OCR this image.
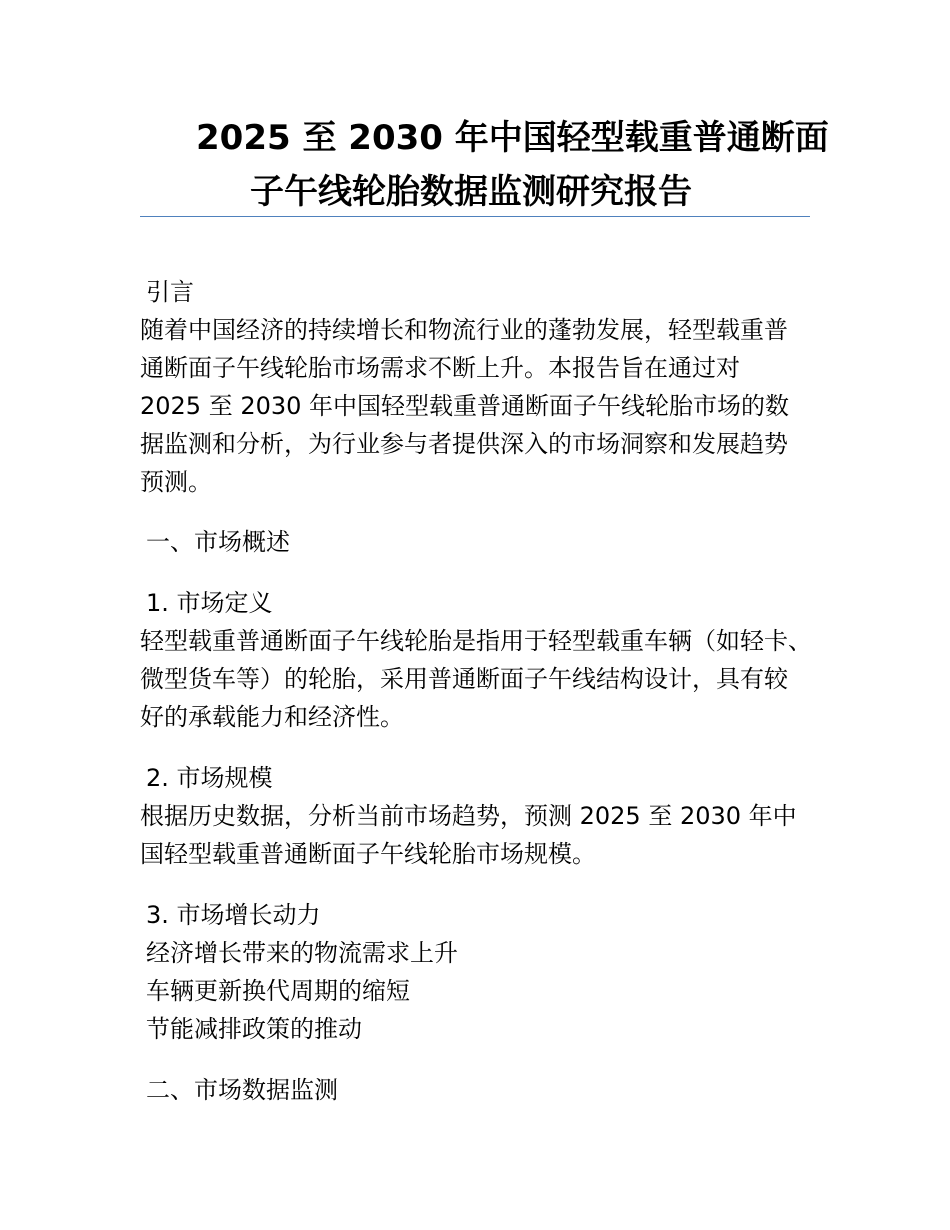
2025 至 2030 年中国轻型载重普通断面
子午线轮胎数据监测研究报告
引言
随着中国经济的持续增长和物流行业的蓬勃发展，轻型载重普
通断面子午线轮胎市场需求不断上升。本报告旨在通过对
2025 至 2030 年中国轻型载重普通断面子午线轮胎市场的数
据监测和分析，为行业参与者提供深入的市场洞察和发展趋势
预测。
一、市场概述
1. 市场定义
轻型载重普通断面子午线轮胎是指用于轻型载重车辆（如轻卡、
微型货车等）的轮胎，采用普通断面子午线结构设计，具有较
好的承载能力和经济性。
2. 市场规模
根据历史数据，分析当前市场趋势，预测 2025 至 2030 年中
国轻型载重普通断面子午线轮胎市场规模。
3. 市场增长动力
经济增长带来的物流需求上升
车辆更新换代周期的缩短
节能减排政策的推动
二、市场数据监测
